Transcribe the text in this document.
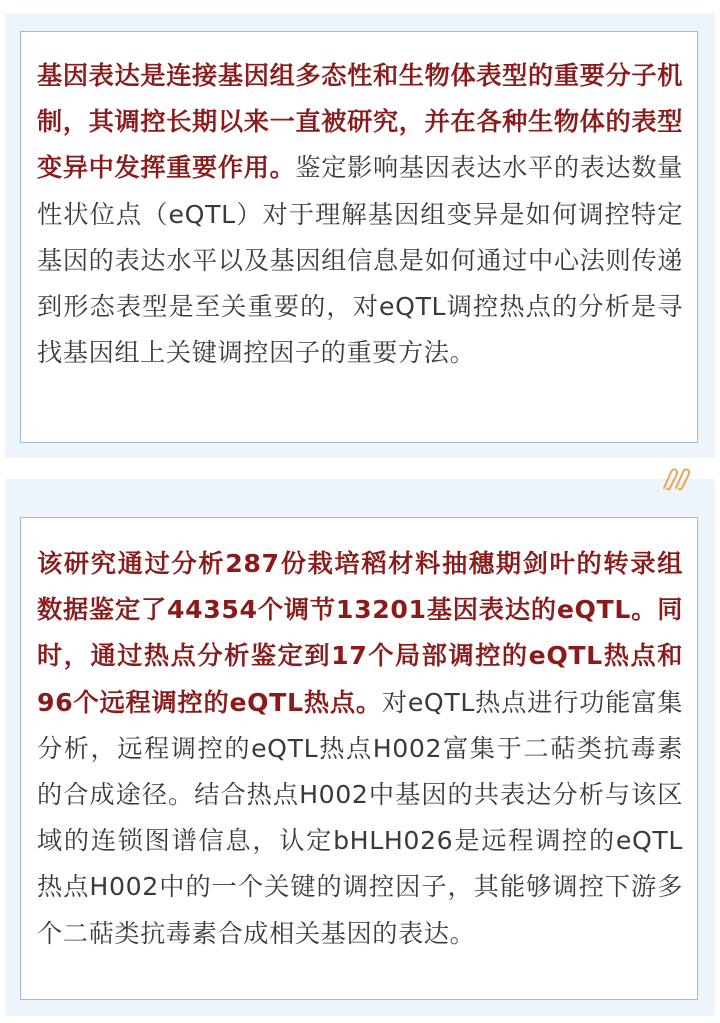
基因表达是连接基因组多态性和生物体表型的重要分子机制，其调控长期以来一直被研究，并在各种生物体的表型变异中发挥重要作用。鉴定影响基因表达水平的表达数量性状位点（eQTL）对于理解基因组变异是如何调控特定基因的表达水平以及基因组信息是如何通过中心法则传递到形态表型是至关重要的，对eQTL调控热点的分析是寻找基因组上关键调控因子的重要方法。

该研究通过分析287份栽培稻材料抽穗期剑叶的转录组数据鉴定了44354个调节13201基因表达的eQTL。同时，通过热点分析鉴定到17个局部调控的eQTL热点和96个远程调控的eQTL热点。对eQTL热点进行功能富集分析，远程调控的eQTL热点H002富集于二萜类抗毒素的合成途径。结合热点H002中基因的共表达分析与该区域的连锁图谱信息，认定bHLH026是远程调控的eQTL热点H002中的一个关键的调控因子，其能够调控下游多个二萜类抗毒素合成相关基因的表达。
